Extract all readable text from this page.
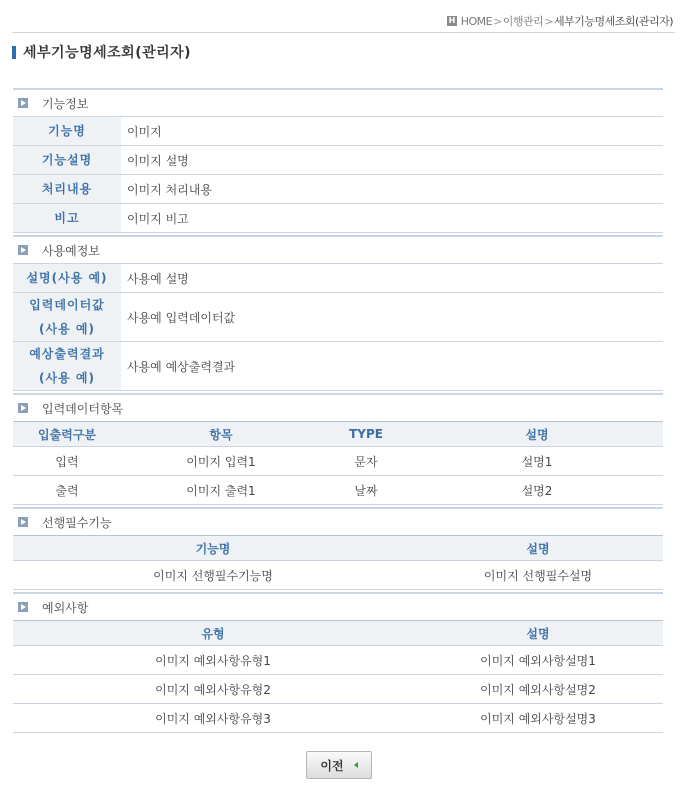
H HOME > 이행관리 > 세부기능명세조회(관리자)
세부기능명세조회(관리자)
기능정보
기능명	이미지
기능설명	이미지 설명
처리내용	이미지 처리내용
비고	이미지 비고
사용예정보
설명(사용 예)	사용예 설명

입력데이터값
(사용 예)	사용예 입력데이터값

예상출력결과
(사용 예)	사용예 예상출력결과
입력데이터항목
입출력구분	항목	TYPE	설명
입력	이미지 입력1	문자	설명1
출력	이미지 출력1	날짜	설명2
선행필수기능
기능명	설명
이미지 선행필수기능명	이미지 선행필수설명
예외사항
유형	설명
이미지 예외사항유형1	이미지 예외사항설명1
이미지 예외사항유형2	이미지 예외사항설명2
이미지 예외사항유형3	이미지 예외사항설명3
이전
